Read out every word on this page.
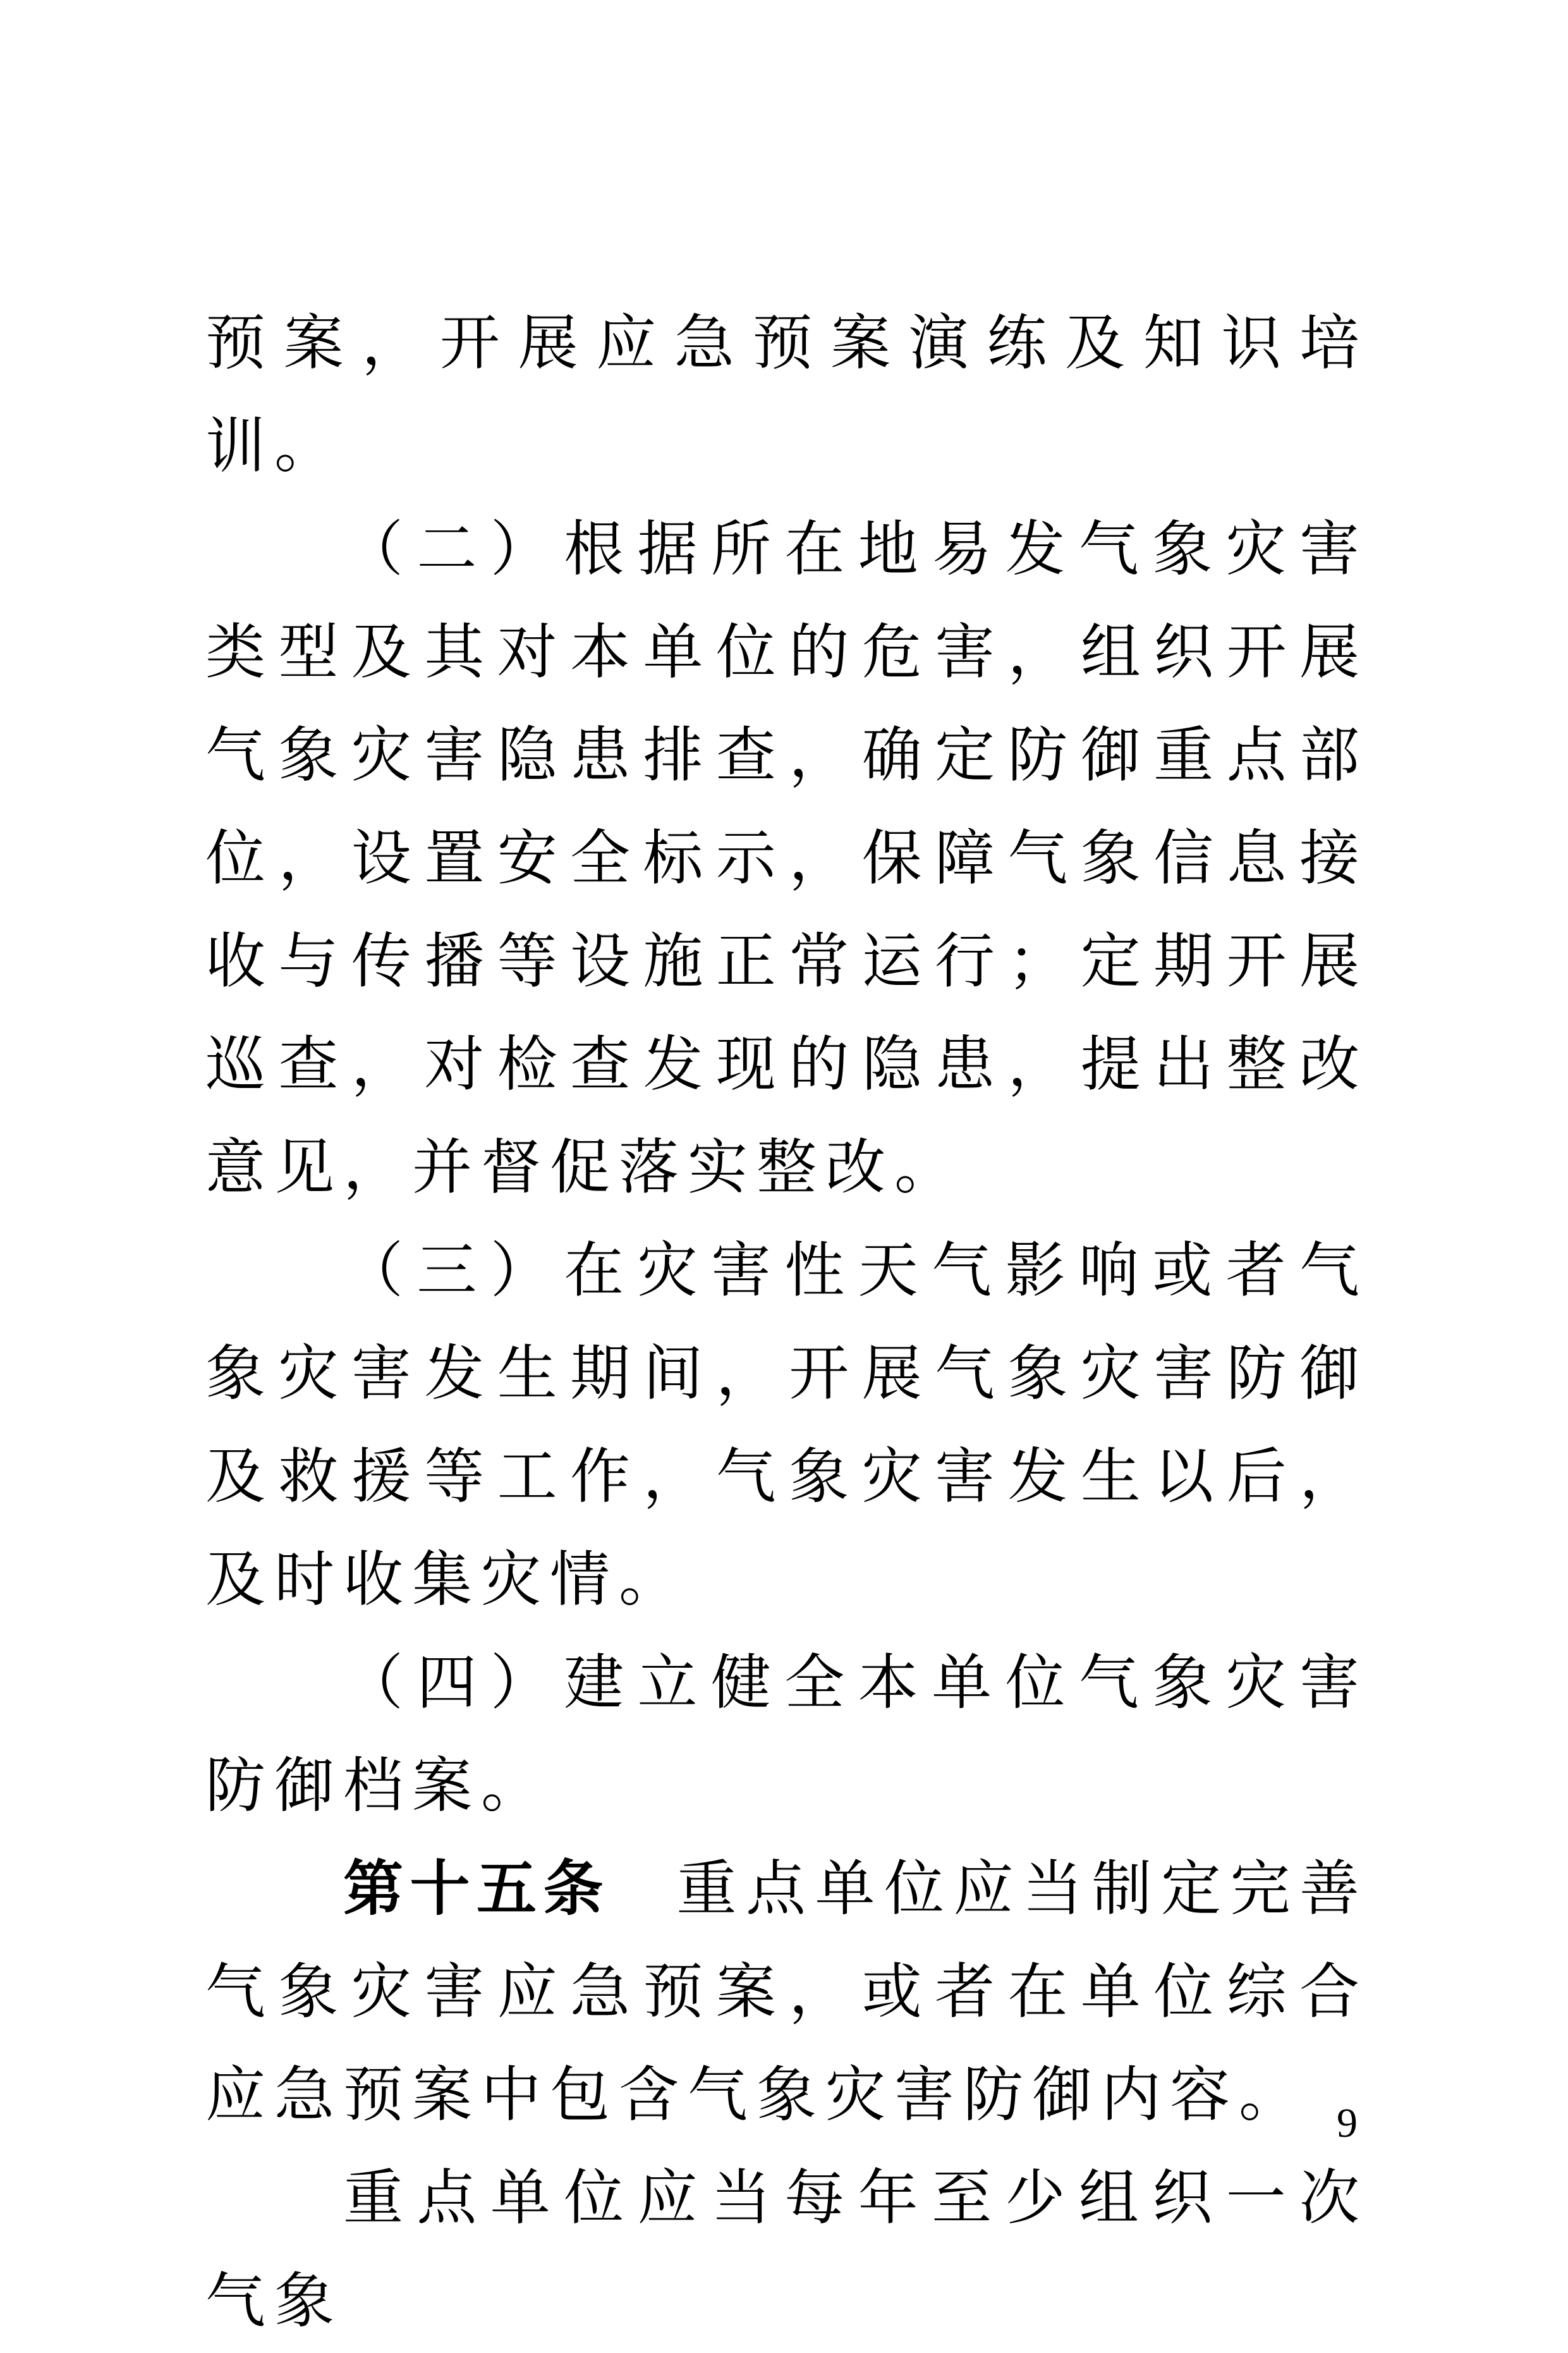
预案，开展应急预案演练及知识培训。

（二）根据所在地易发气象灾害类型及其对本单位的危害，组织开展气象灾害隐患排查，确定防御重点部位，设置安全标示，保障气象信息接收与传播等设施正常运行；定期开展巡查，对检查发现的隐患，提出整改意见，并督促落实整改。

（三）在灾害性天气影响或者气象灾害发生期间，开展气象灾害防御及救援等工作，气象灾害发生以后，及时收集灾情。

（四）建立健全本单位气象灾害防御档案。

第十五条 重点单位应当制定完善气象灾害应急预案，或者在单位综合应急预案中包含气象灾害防御内容。

重点单位应当每年至少组织一次气象

9
